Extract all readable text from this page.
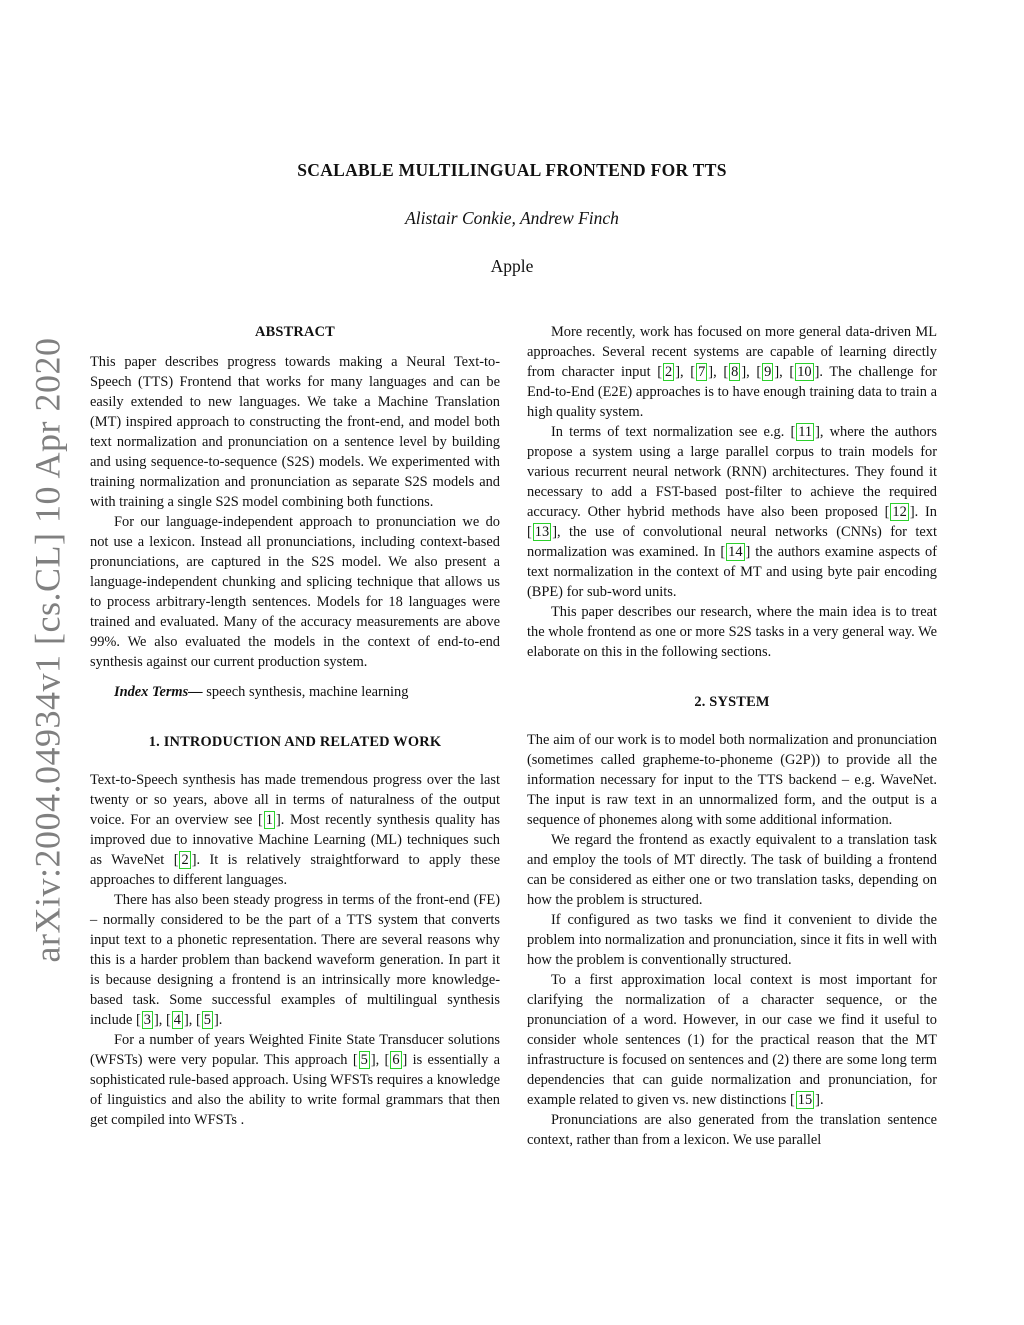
arXiv:2004.04934v1 [cs.CL] 10 Apr 2020
SCALABLE MULTILINGUAL FRONTEND FOR TTS
Alistair Conkie, Andrew Finch
Apple
ABSTRACT

This paper describes progress towards making a Neural Text-to-Speech (TTS) Frontend that works for many languages and can be easily extended to new languages. We take a Machine Translation (MT) inspired approach to constructing the front-end, and model both text normalization and pronunciation on a sentence level by building and using sequence-to-sequence (S2S) models. We experimented with training normalization and pronunciation as separate S2S models and with training a single S2S model combining both functions.

For our language-independent approach to pronunciation we do not use a lexicon. Instead all pronunciations, including context-based pronunciations, are captured in the S2S model. We also present a language-independent chunking and splicing technique that allows us to process arbitrary-length sentences. Models for 18 languages were trained and evaluated. Many of the accuracy measurements are above 99%. We also evaluated the models in the context of end-to-end synthesis against our current production system.

Index Terms— speech synthesis, machine learning

1. INTRODUCTION AND RELATED WORK

Text-to-Speech synthesis has made tremendous progress over the last twenty or so years, above all in terms of naturalness of the output voice. For an overview see [ 1 ]. Most recently synthesis quality has improved due to innovative Machine Learning (ML) techniques such as WaveNet [ 2 ]. It is relatively straightforward to apply these approaches to different languages.

There has also been steady progress in terms of the front-end (FE) – normally considered to be the part of a TTS system that converts input text to a phonetic representation. There are several reasons why this is a harder problem than backend waveform generation. In part it is because designing a frontend is an intrinsically more knowledge-based task. Some successful examples of multilingual synthesis include [ 3 ], [ 4 ], [ 5 ].

For a number of years Weighted Finite State Transducer solutions (WFSTs) were very popular. This approach [ 5 ], [ 6 ] is essentially a sophisticated rule-based approach. Using WFSTs requires a knowledge of linguistics and also the ability to write formal grammars that then get compiled into WFSTs .

More recently, work has focused on more general data-driven ML approaches. Several recent systems are capable of learning directly from character input [ 2 ], [ 7 ], [ 8 ], [ 9 ], [ 10 ]. The challenge for End-to-End (E2E) approaches is to have enough training data to train a high quality system.

In terms of text normalization see e.g. [ 11 ], where the authors propose a system using a large parallel corpus to train models for various recurrent neural network (RNN) architectures. They found it necessary to add a FST-based post-filter to achieve the required accuracy. Other hybrid methods have also been proposed [ 12 ]. In [ 13 ], the use of convolutional neural networks (CNNs) for text normalization was examined. In [ 14 ] the authors examine aspects of text normalization in the context of MT and using byte pair encoding (BPE) for sub-word units.

This paper describes our research, where the main idea is to treat the whole frontend as one or more S2S tasks in a very general way. We elaborate on this in the following sections.

2. SYSTEM

The aim of our work is to model both normalization and pronunciation (sometimes called grapheme-to-phoneme (G2P)) to provide all the information necessary for input to the TTS backend – e.g. WaveNet. The input is raw text in an unnormalized form, and the output is a sequence of phonemes along with some additional information.

We regard the frontend as exactly equivalent to a translation task and employ the tools of MT directly. The task of building a frontend can be considered as either one or two translation tasks, depending on how the problem is structured.

If configured as two tasks we find it convenient to divide the problem into normalization and pronunciation, since it fits in well with how the problem is conventionally structured.

To a first approximation local context is most important for clarifying the normalization of a character sequence, or the pronunciation of a word. However, in our case we find it useful to consider whole sentences (1) for the practical reason that the MT infrastructure is focused on sentences and (2) there are some long term dependencies that can guide normalization and pronunciation, for example related to given vs. new distinctions [ 15 ].

Pronunciations are also generated from the translation sentence context, rather than from a lexicon. We use parallel
